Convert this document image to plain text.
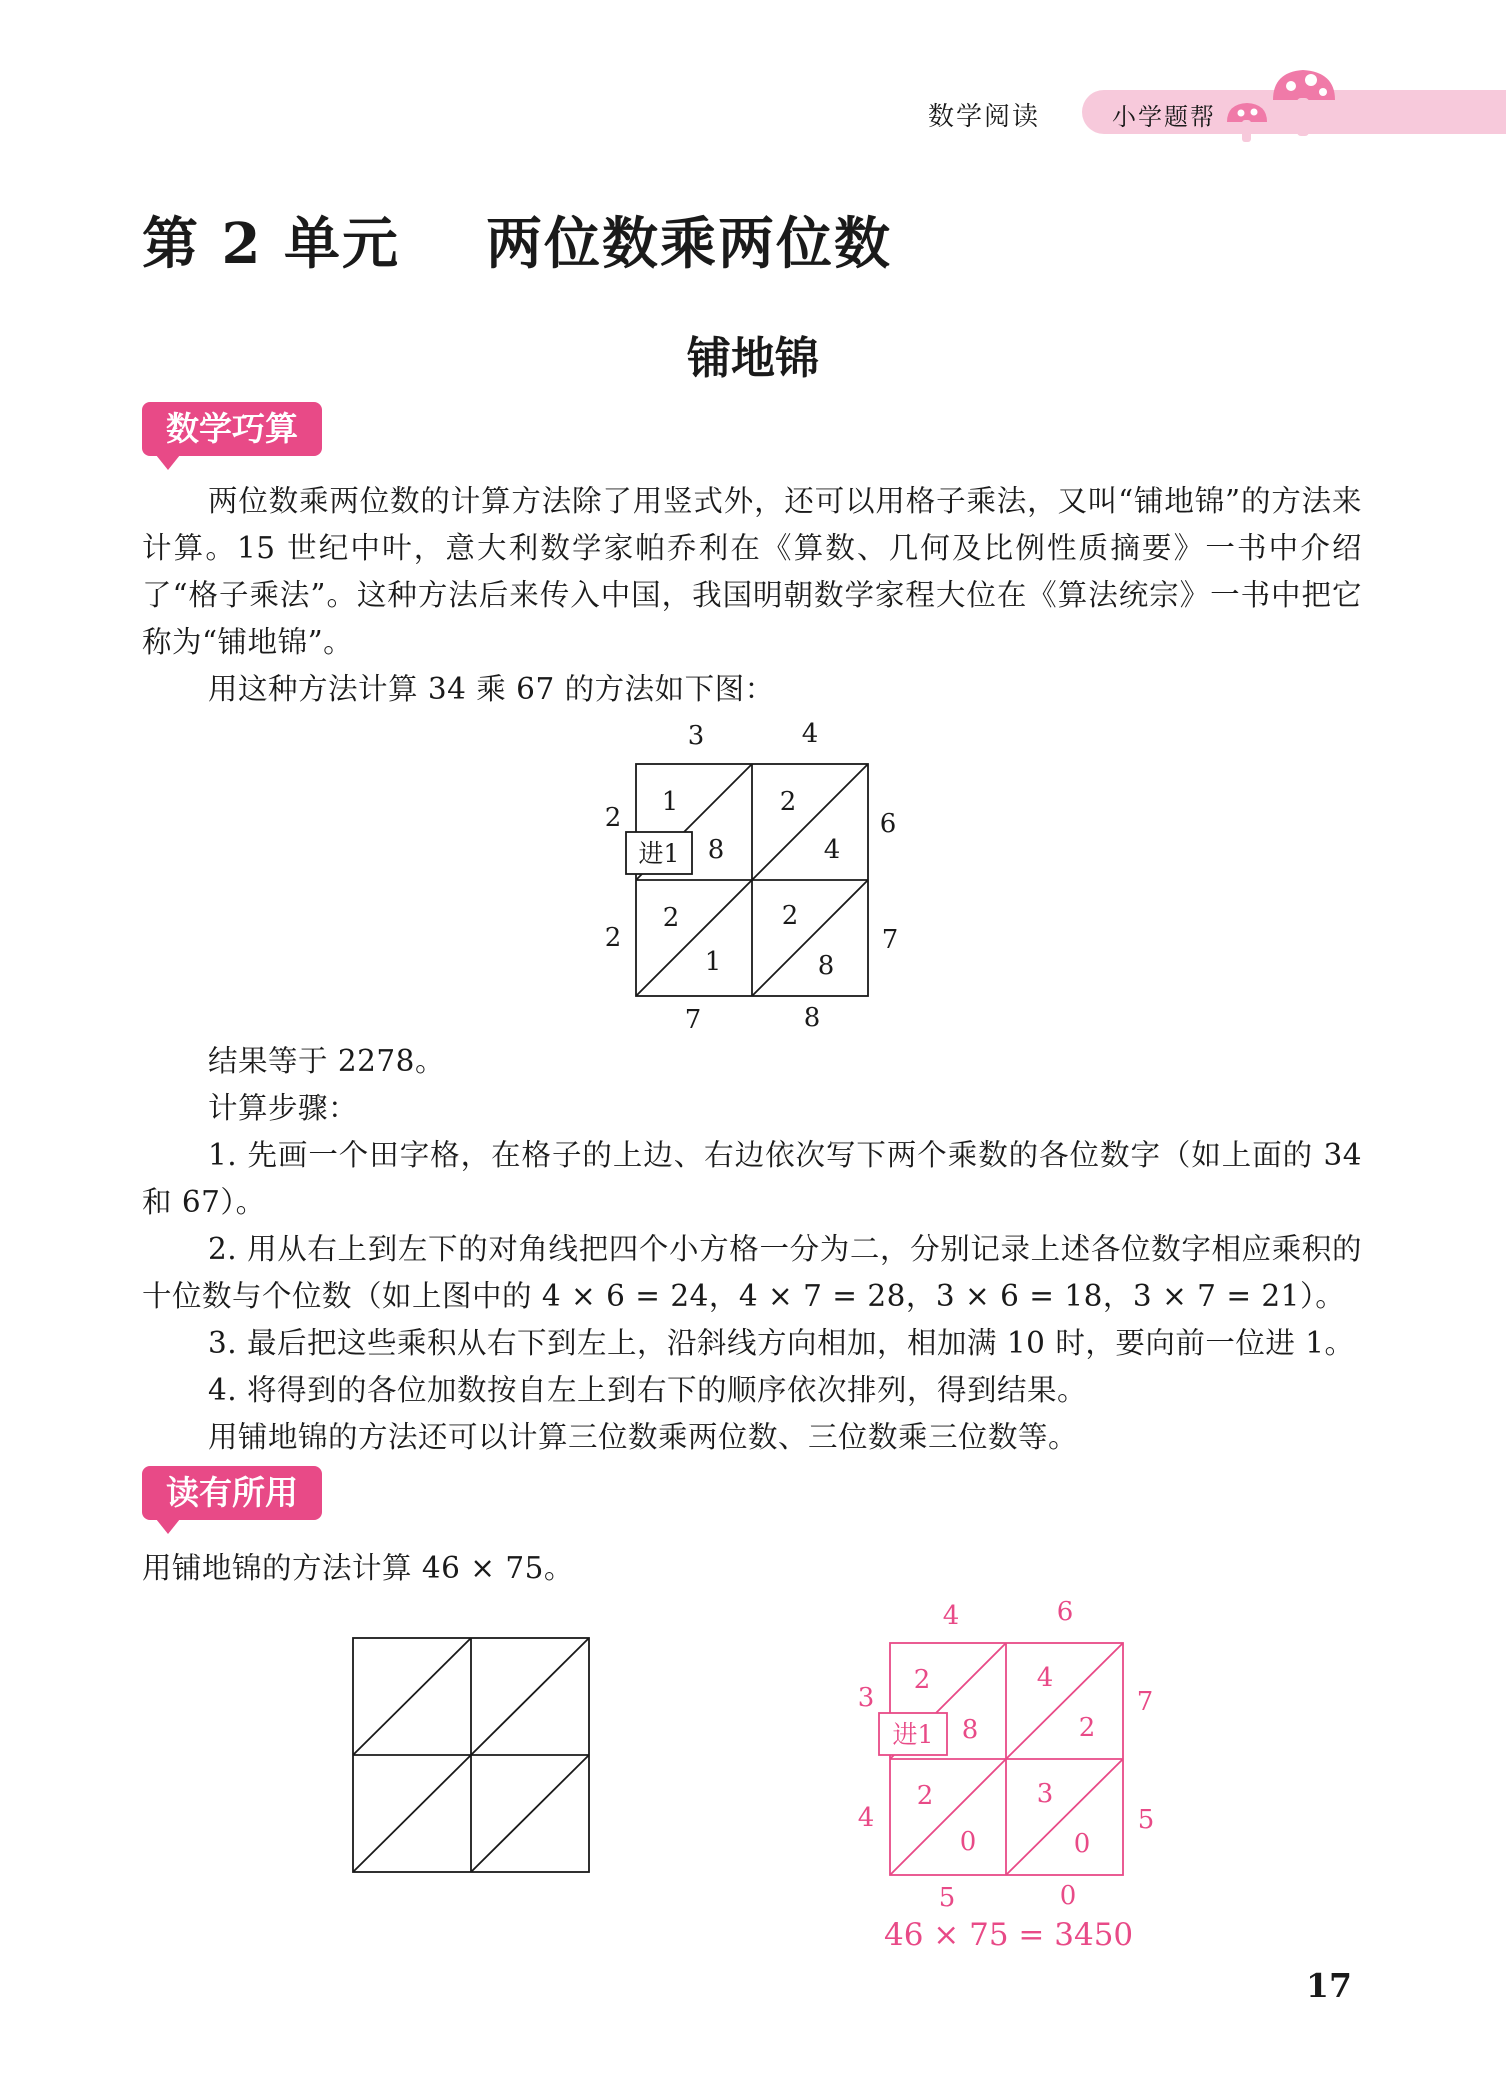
数学阅读	小学题帮
第 2 单元    两位数乘两位数
铺地锦
数学巧算

两位数乘两位数的计算方法除了用竖式外，还可以用格子乘法，又叫“铺地锦”的方法来计算。15 世纪中叶，意大利数学家帕乔利在《算数、几何及比例性质摘要》一书中介绍了“格子乘法”。这种方法后来传入中国，我国明朝数学家程大位在《算法统宗》一书中把它称为“铺地锦”。

用这种方法计算 34 乘 67 的方法如下图：

3	4
6
7
2
2
7	8
1
8
2
4
2
1
2
8
进1

结果等于 2278。

计算步骤：

1. 先画一个田字格，在格子的上边、右边依次写下两个乘数的各位数字（如上面的 34 和 67）。

2. 用从右上到左下的对角线把四个小方格一分为二，分别记录上述各位数字相应乘积的十位数与个位数（如上图中的 4 × 6 = 24，4 × 7 = 28，3 × 6 = 18，3 × 7 = 21）。

3. 最后把这些乘积从右下到左上，沿斜线方向相加，相加满 10 时，要向前一位进 1。

4. 将得到的各位加数按自左上到右下的顺序依次排列，得到结果。

用铺地锦的方法还可以计算三位数乘两位数、三位数乘三位数等。

读有所用

用铺地锦的方法计算 46 × 75。

4	6
7
5
3
4
5	0
2
8
4
2
2
0
3
0
进1
46 × 75 = 3450
17
